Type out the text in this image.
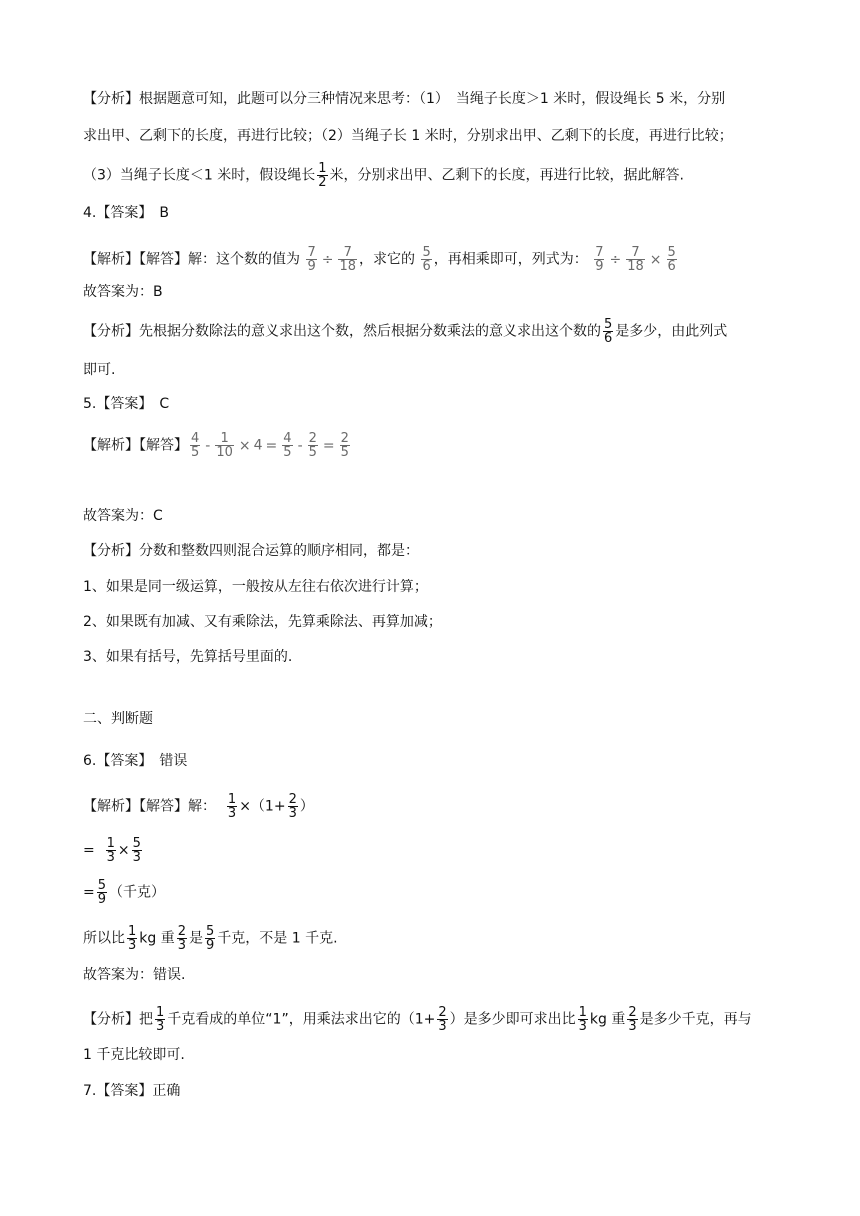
【分析】根据题意可知，此题可以分三种情况来思考：（1）　当绳子长度＞1 米时，假设绳长 5 米，分别
求出甲、乙剩下的长度，再进行比较；（2）当绳子长 1 米时，分别求出甲、乙剩下的长度，再进行比较；
（3）当绳子长度＜1 米时，假设绳长 $\frac{1}{2}$ 米，分别求出甲、乙剩下的长度，再进行比较，据此解答.
4.【答案】　B
【解析】【解答】解：这个数的值为 $\frac{7}{9} \div \frac{7}{18}$ ，求它的 $\frac{5}{6}$ ，再相乘即可，列式为： $\frac{7}{9} \div \frac{7}{18} \times \frac{5}{6}$
故答案为：B
【分析】先根据分数除法的意义求出这个数，然后根据分数乘法的意义求出这个数的 $\frac{5}{6}$ 是多少，由此列式
即可.
5.【答案】　C
【解析】【解答】 $\frac{4}{5} - \frac{1}{10} \times 4 = \frac{4}{5} - \frac{2}{5} = \frac{2}{5}$
故答案为：C
【分析】分数和整数四则混合运算的顺序相同，都是：
1、如果是同一级运算，一般按从左往右依次进行计算；
2、如果既有加减、又有乘除法，先算乘除法、再算加减；
3、如果有括号，先算括号里面的.
二、判断题
6.【答案】　错误
【解析】【解答】解： $\frac{1}{3} \times(1+ \frac{2}{3}$ ）
= $\frac{1}{3} \times \frac{5}{3}$
= $\frac{5}{9}$ （千克）
所以比 $\frac{1}{3}$ kg 重 $\frac{2}{3}$ 是 $\frac{5}{9}$ 千克，不是 1 千克.
故答案为：错误.
【分析】把 $\frac{1}{3}$ 千克看成的单位“1”，用乘法求出它的（$1+ \frac{2}{3}$ ）是多少即可求出比 $\frac{1}{3}$ kg 重 $\frac{2}{3}$ 是多少千克，再与
1 千克比较即可.
7.【答案】正确
